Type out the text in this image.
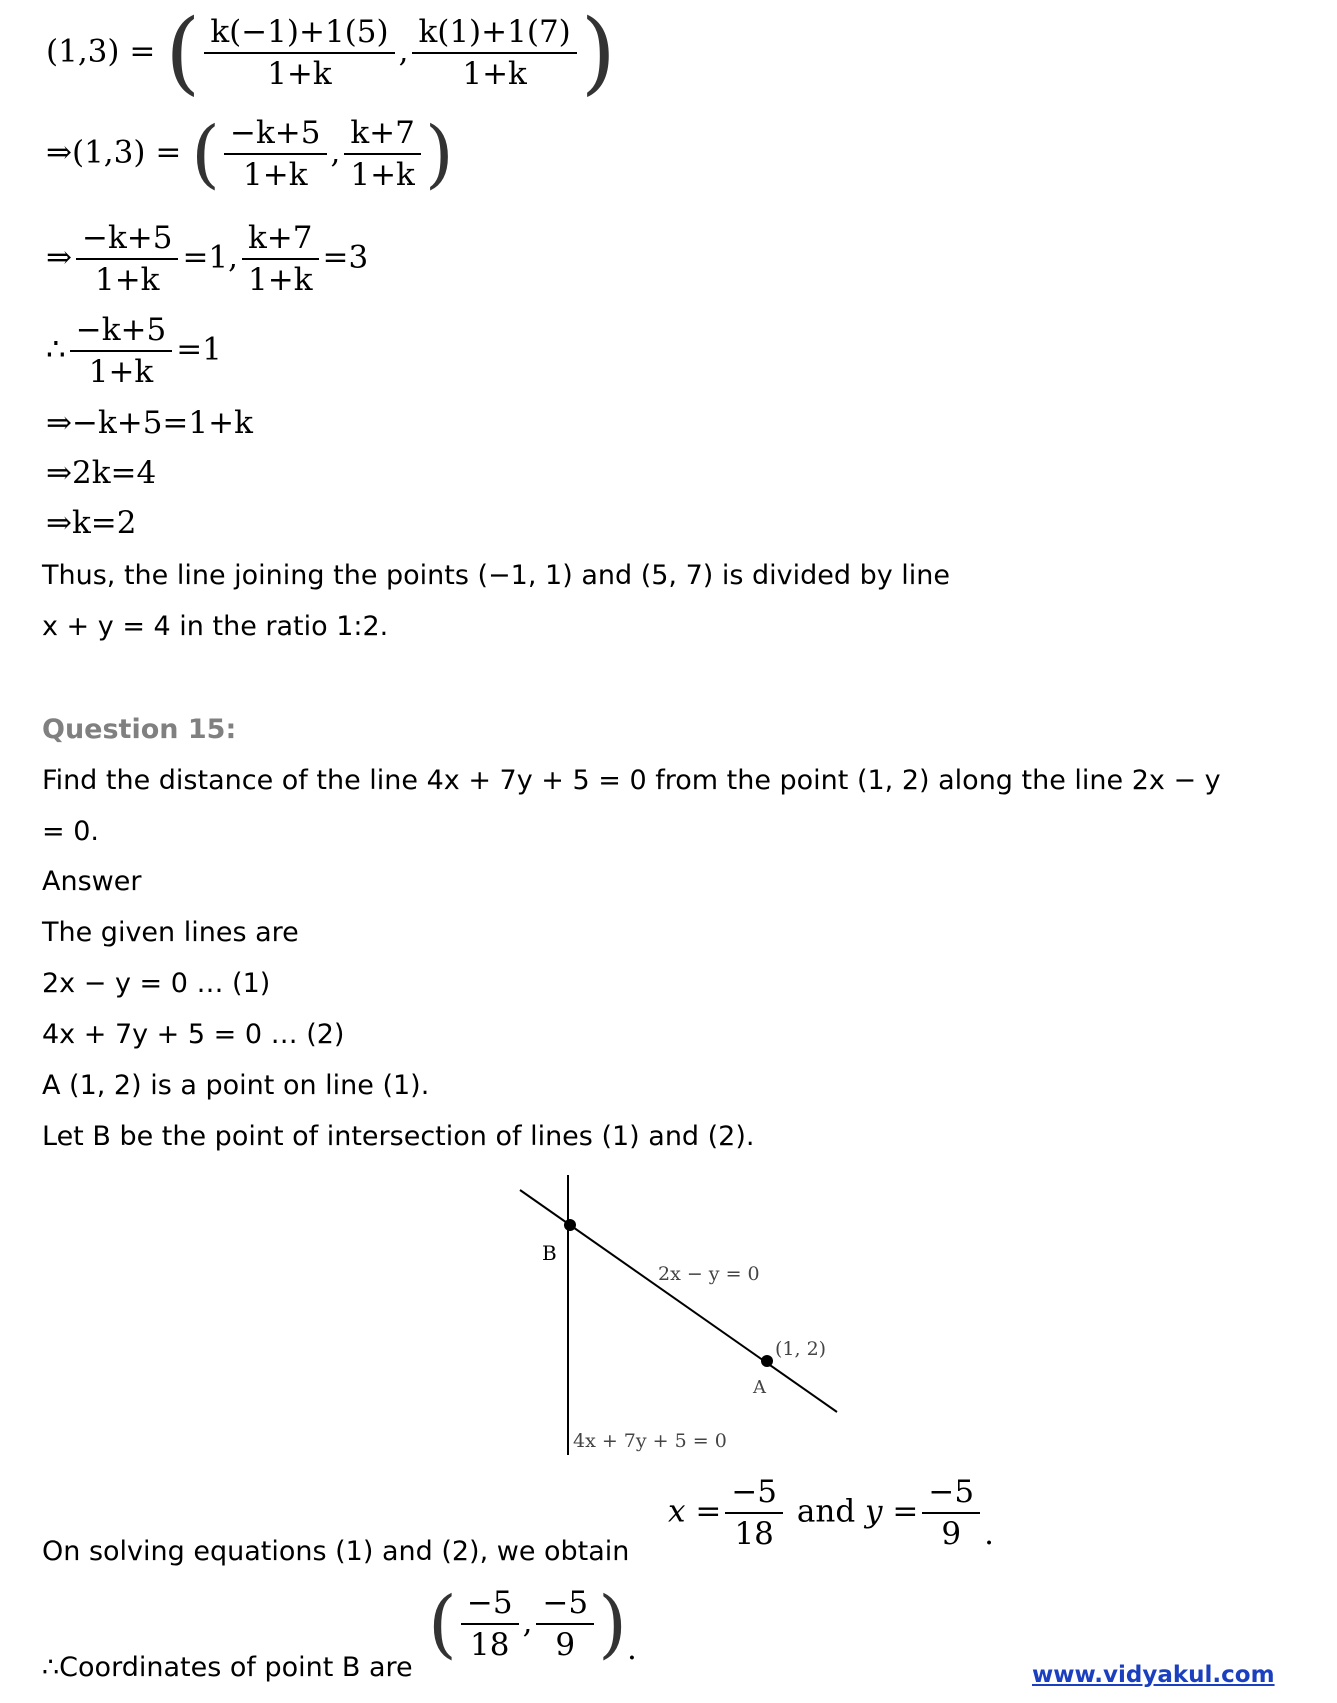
(1,3) = ( $\frac{k(-1)+1(5)}{1+k}$ , $\frac{k(1)+1(7)}{1+k}$ )
⇒(1,3) = ( $\frac{-k+5}{1+k}$ , $\frac{k+7}{1+k}$ )
⇒ $\frac{-k+5}{1+k} =1$, $\frac{k+7}{1+k} =3$
∴ $\frac{-k+5}{1+k} =1$
⇒−k+5=1+k
⇒2k=4
⇒k=2
Thus, the line joining the points (−1, 1) and (5, 7) is divided by line
x + y = 4 in the ratio 1:2.
Question 15:
Find the distance of the line 4x + 7y + 5 = 0 from the point (1, 2) along the line 2x − y
= 0.
Answer
The given lines are
2x − y = 0 … (1)
4x + 7y + 5 = 0 … (2)
A (1, 2) is a point on line (1).
Let B be the point of intersection of lines (1) and (2).
B
2x − y = 0
(1, 2)
A
4x + 7y + 5 = 0
On solving equations (1) and (2), we obtain
$x = \frac{-5}{18}$ and $y = \frac{-5}{9}$ .
∴Coordinates of point B are
( $\frac{-5}{18}$ , $\frac{-5}{9}$ ).
www.vidyakul.com
